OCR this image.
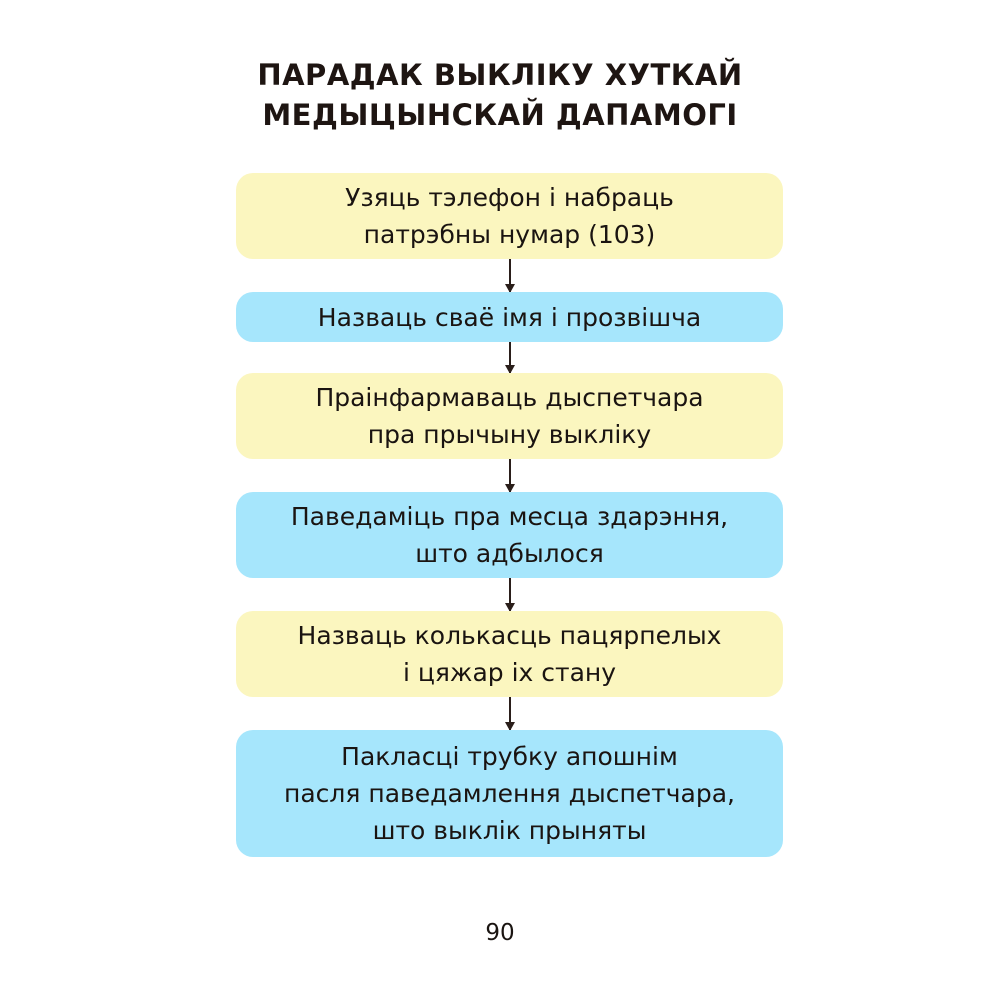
ПАРАДАК ВЫКЛІКУ ХУТКАЙ
МЕДЫЦЫНСКАЙ ДАПАМОГІ
Узяць тэлефон і набраць
патрэбны нумар (103)
Назваць сваё імя і прозвішча
Праінфармаваць дыспетчара
пра прычыну выкліку
Паведаміць пра месца здарэння,
што адбылося
Назваць колькасць пацярпелых
і цяжар іх стану
Пакласці трубку апошнім
пасля паведамлення дыспетчара,
што выклік прыняты
90
